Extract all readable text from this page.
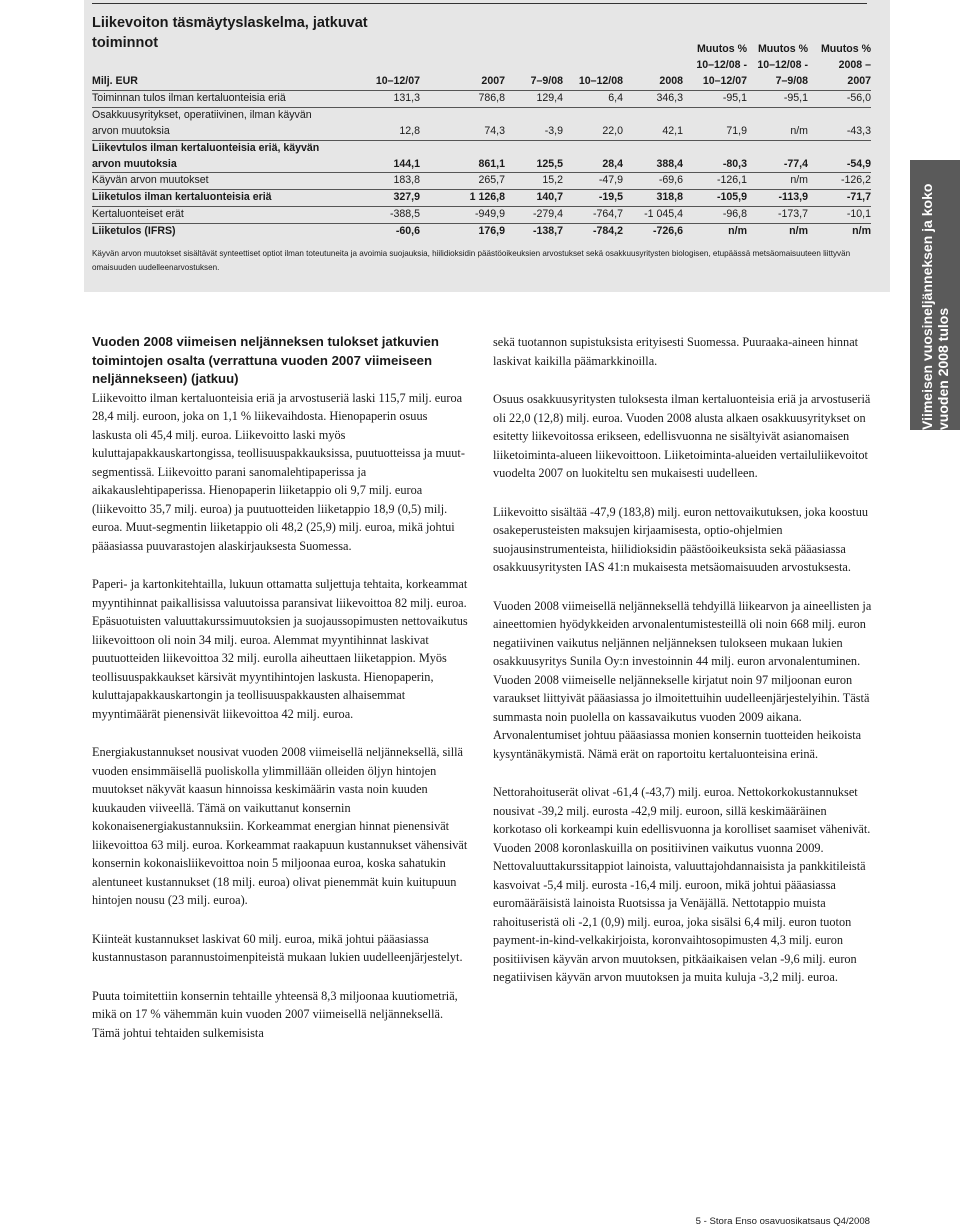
Liikevoiton täsmäytyslaskelma, jatkuvat toiminnot
							Muutos %	Muutos %	Muutos %
						10–12/08 -	10–12/08 -	2008 –
Milj. EUR	10–12/07	2007	7–9/08	10–12/08	2008	10–12/07	7–9/08	2007
Toiminnan tulos ilman kertaluonteisia eriä	131,3	786,8	129,4	6,4	346,3	-95,1	-95,1	-56,0
Osakkuusyritykset, operatiivinen, ilman käyvän								
arvon muutoksia	12,8	74,3	-3,9	22,0	42,1	71,9	n/m	-43,3
Liikevtulos ilman kertaluonteisia eriä, käyvän								
arvon muutoksia	144,1	861,1	125,5	28,4	388,4	-80,3	-77,4	-54,9
Käyvän arvon muutokset	183,8	265,7	15,2	-47,9	-69,6	-126,1	n/m	-126,2
Liiketulos ilman kertaluonteisia eriä	327,9	1 126,8	140,7	-19,5	318,8	-105,9	-113,9	-71,7
Kertaluonteiset erät	-388,5	-949,9	-279,4	-764,7	-1 045,4	-96,8	-173,7	-10,1
Liiketulos (IFRS)	-60,6	176,9	-138,7	-784,2	-726,6	n/m	n/m	n/m
Käyvän arvon muutokset sisältävät synteettiset optiot ilman toteutuneita ja avoimia suojauksia, hiilidioksidin päästöoikeuksien arvostukset sekä osakkuusyritysten biologisen, etupäässä metsäomaisuuteen liittyvän omaisuuden uudelleenarvostuksen.	Viimeisen vuosineljänneksen ja koko vuoden 2008 tulos
Vuoden 2008 viimeisen neljänneksen tulokset jatkuvien toimintojen osalta (verrattuna vuoden 2007 viimeiseen neljännekseen) (jatkuu)

Liikevoitto ilman kertaluonteisia eriä ja arvostuseriä laski 115,7 milj. euroa 28,4 milj. euroon, joka on 1,1 % liikevaihdosta. Hienopaperin osuus laskusta oli 45,4 milj. euroa. Liikevoitto laski myös kuluttajapakkauskartongissa, teollisuuspakkauksissa, puutuotteissa ja muut-segmentissä. Liikevoitto parani sanomalehtipaperissa ja aikakauslehtipaperissa. Hienopaperin liiketappio oli 9,7 milj. euroa (liikevoitto 35,7 milj. euroa) ja puutuotteiden liiketappio 18,9 (0,5) milj. euroa. Muut-segmentin liiketappio oli 48,2 (25,9) milj. euroa, mikä johtui pääasiassa puuvarastojen alaskirjauksesta Suomessa.

Paperi- ja kartonkitehtailla, lukuun ottamatta suljettuja tehtaita, korkeammat myyntihinnat paikallisissa valuutoissa paransivat liikevoittoa 82 milj. euroa. Epäsuotuisten valuuttakurssimuutoksien ja suojaussopimusten nettovaikutus liikevoittoon oli noin 34 milj. euroa. Alemmat myyntihinnat laskivat puutuotteiden liikevoittoa 32 milj. eurolla aiheuttaen liiketappion. Myös teollisuuspakkaukset kärsivät myyntihintojen laskusta. Hienopaperin, kuluttajapakkauskartongin ja teollisuuspakkausten alhaisemmat myyntimäärät pienensivät liikevoittoa 42 milj. euroa.

Energiakustannukset nousivat vuoden 2008 viimeisellä neljänneksellä, sillä vuoden ensimmäisellä puoliskolla ylimmillään olleiden öljyn hintojen muutokset näkyvät kaasun hinnoissa keskimäärin vasta noin kuuden kuukauden viiveellä. Tämä on vaikuttanut konsernin kokonaisenergiakustannuksiin. Korkeammat energian hinnat pienensivät liikevoittoa 63 milj. euroa. Korkeammat raakapuun kustannukset vähensivät konsernin kokonaisliikevoittoa noin 5 miljoonaa euroa, koska sahatukin alentuneet kustannukset (18 milj. euroa) olivat pienemmät kuin kuitupuun hintojen nousu (23 milj. euroa).

Kiinteät kustannukset laskivat 60 milj. euroa, mikä johtui pääasiassa kustannustason parannustoimenpiteistä mukaan lukien uudelleenjärjestelyt.

Puuta toimitettiin konsernin tehtaille yhteensä 8,3 miljoonaa kuutiometriä, mikä on 17 % vähemmän kuin vuoden 2007 viimeisellä neljänneksellä. Tämä johtui tehtaiden sulkemisista

sekä tuotannon supistuksista erityisesti Suomessa. Puuraaka-aineen hinnat laskivat kaikilla päämarkkinoilla.

Osuus osakkuusyritysten tuloksesta ilman kertaluonteisia eriä ja arvostuseriä oli 22,0 (12,8) milj. euroa. Vuoden 2008 alusta alkaen osakkuusyritykset on esitetty liikevoitossa erikseen, edellisvuonna ne sisältyivät asianomaisen liiketoiminta-alueen liikevoittoon. Liiketoiminta-alueiden vertailuliikevoitot vuodelta 2007 on luokiteltu sen mukaisesti uudelleen.

Liikevoitto sisältää -47,9 (183,8) milj. euron nettovaikutuksen, joka koostuu osakeperusteisten maksujen kirjaamisesta, optio-ohjelmien suojausinstrumenteista, hiilidioksidin päästöoikeuksista sekä pääasiassa osakkuusyritysten IAS 41:n mukaisesta metsäomaisuuden arvostuksesta.

Vuoden 2008 viimeisellä neljänneksellä tehdyillä liikearvon ja aineellisten ja aineettomien hyödykkeiden arvonalentumistesteillä oli noin 668 milj. euron negatiivinen vaikutus neljännen neljänneksen tulokseen mukaan lukien osakkuusyritys Sunila Oy:n investoinnin 44 milj. euron arvonalentuminen. Vuoden 2008 viimeiselle neljännekselle kirjatut noin 97 miljoonan euron varaukset liittyivät pääasiassa jo ilmoitettuihin uudelleenjärjestelyihin. Tästä summasta noin puolella on kassavaikutus vuoden 2009 aikana. Arvonalentumiset johtuu pääasiassa monien konsernin tuotteiden heikoista kysyntänäkymistä. Nämä erät on raportoitu kertaluonteisina erinä.

Nettorahoituserät olivat -61,4 (-43,7) milj. euroa. Nettokorkokustannukset nousivat -39,2 milj. eurosta -42,9 milj. euroon, sillä keskimääräinen korkotaso oli korkeampi kuin edellisvuonna ja korolliset saamiset vähenivät. Vuoden 2008 koronlaskuilla on positiivinen vaikutus vuonna 2009. Nettovaluuttakurssitappiot lainoista, valuuttajohdannaisista ja pankkitileistä kasvoivat -5,4 milj. eurosta -16,4 milj. euroon, mikä johtui pääasiassa euromääräisistä lainoista Ruotsissa ja Venäjällä. Nettotappio muista rahoituseristä oli -2,1 (0,9) milj. euroa, joka sisälsi 6,4 milj. euron tuoton payment-in-kind-velkakirjoista, koronvaihtosopimusten 4,3 milj. euron positiivisen käyvän arvon muutoksen, pitkäaikaisen velan -9,6 milj. euron negatiivisen käyvän arvon muutoksen ja muita kuluja -3,2 milj. euroa.

5 - Stora Enso osavuosikatsaus Q4/2008
